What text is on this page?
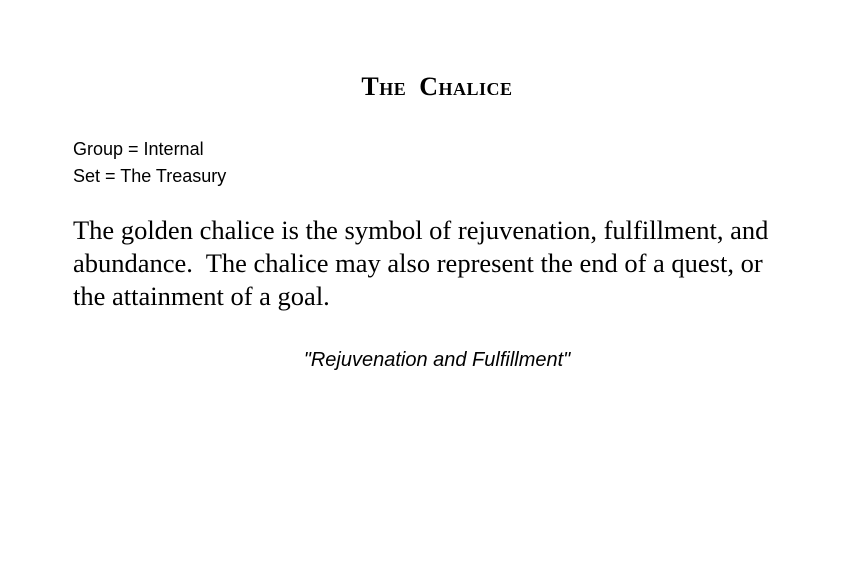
The Chalice
Group = Internal
Set = The Treasury

The golden chalice is the symbol of rejuvenation, fulfillment, and abundance.  The chalice may also represent the end of a quest, or the attainment of a goal.

"Rejuvenation and Fulfillment"
